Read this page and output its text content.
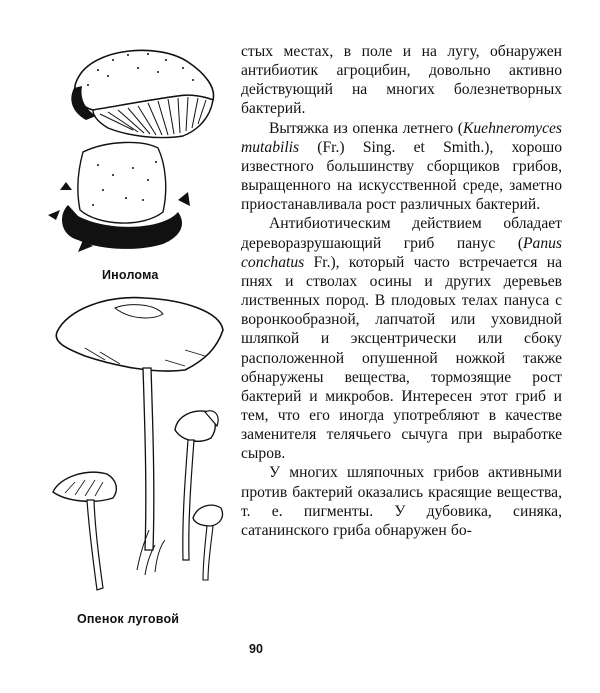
Инолома
Опенок луговой

стых местах, в поле и на лугу, обнаружен антибиотик агроцибин, довольно активно действующий на многих болезнетворных бактерий.

Вытяжка из опенка летнего (Kuehneromyces mutabilis (Fr.) Sing. et Smith.), хорошо известного большинству сборщиков грибов, выращенного на искусственной среде, заметно приостанавливала рост различных бактерий.

Антибиотическим действием обладает дереворазрушающий гриб панус (Panus conchatus Fr.), который часто встречается на пнях и стволах осины и других деревьев лиственных пород. В плодовых телах пануса с воронкообразной, лапчатой или уховидной шляпкой и эксцентрически или сбоку расположенной опушенной ножкой также обнаружены вещества, тормозящие рост бактерий и микробов. Интересен этот гриб и тем, что его иногда употребляют в качестве заменителя телячьего сычуга при выработке сыров.

У многих шляпочных грибов активными против бактерий оказались красящие вещества, т. е. пигменты. У дубовика, синяка, сатанинского гриба обнаружен бо-

90
